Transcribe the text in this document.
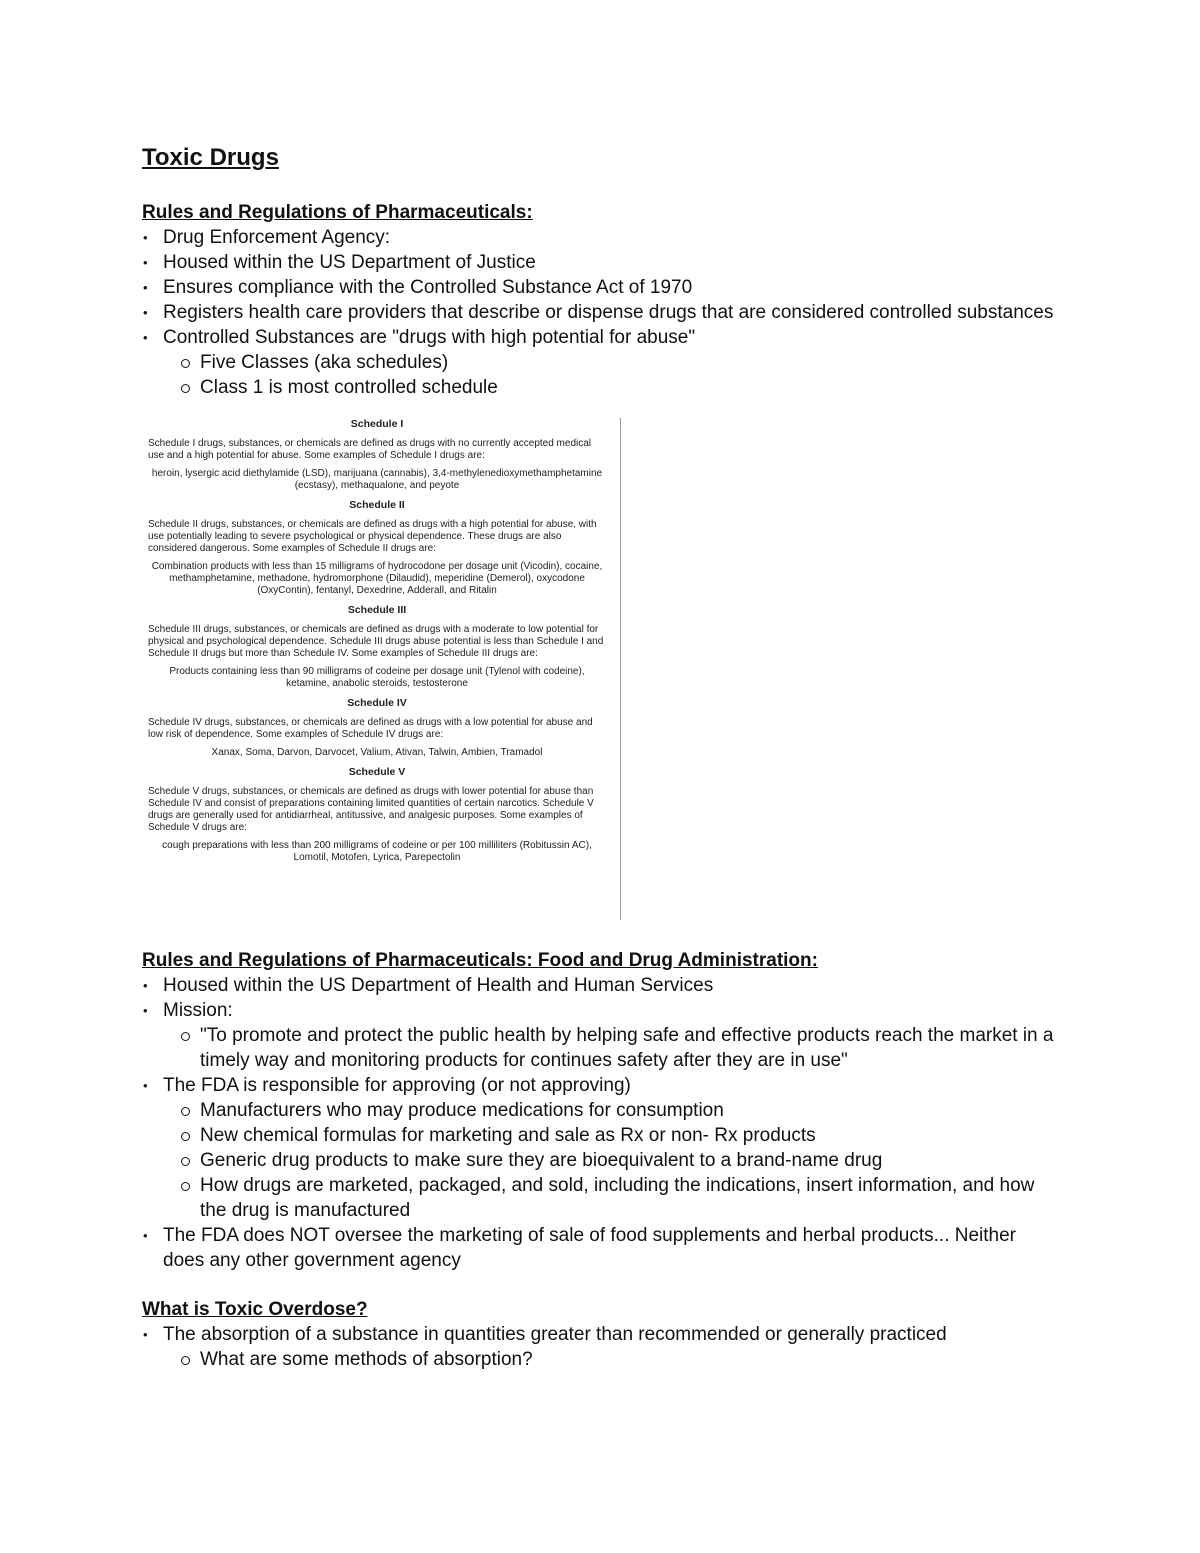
Toxic Drugs
Rules and Regulations of Pharmaceuticals:
• Drug Enforcement Agency:
• Housed within the US Department of Justice
• Ensures compliance with the Controlled Substance Act of 1970
• Registers health care providers that describe or dispense drugs that are considered controlled substances
• Controlled Substances are "drugs with high potential for abuse"
Five Classes (aka schedules)
Class 1 is most controlled schedule
Schedule I
Schedule I drugs, substances, or chemicals are defined as drugs with no currently accepted medical use and a high potential for abuse. Some examples of Schedule I drugs are:
heroin, lysergic acid diethylamide (LSD), marijuana (cannabis), 3,4-methylenedioxymethamphetamine (ecstasy), methaqualone, and peyote
Schedule II
Schedule II drugs, substances, or chemicals are defined as drugs with a high potential for abuse, with use potentially leading to severe psychological or physical dependence. These drugs are also considered dangerous. Some examples of Schedule II drugs are:
Combination products with less than 15 milligrams of hydrocodone per dosage unit (Vicodin), cocaine, methamphetamine, methadone, hydromorphone (Dilaudid), meperidine (Demerol), oxycodone (OxyContin), fentanyl, Dexedrine, Adderall, and Ritalin
Schedule III
Schedule III drugs, substances, or chemicals are defined as drugs with a moderate to low potential for physical and psychological dependence. Schedule III drugs abuse potential is less than Schedule I and Schedule II drugs but more than Schedule IV. Some examples of Schedule III drugs are:
Products containing less than 90 milligrams of codeine per dosage unit (Tylenol with codeine), ketamine, anabolic steroids, testosterone
Schedule IV
Schedule IV drugs, substances, or chemicals are defined as drugs with a low potential for abuse and low risk of dependence. Some examples of Schedule IV drugs are:
Xanax, Soma, Darvon, Darvocet, Valium, Ativan, Talwin, Ambien, Tramadol
Schedule V
Schedule V drugs, substances, or chemicals are defined as drugs with lower potential for abuse than Schedule IV and consist of preparations containing limited quantities of certain narcotics. Schedule V drugs are generally used for antidiarrheal, antitussive, and analgesic purposes. Some examples of Schedule V drugs are:
cough preparations with less than 200 milligrams of codeine or per 100 milliliters (Robitussin AC), Lomotil, Motofen, Lyrica, Parepectolin
Rules and Regulations of Pharmaceuticals: Food and Drug Administration:
• Housed within the US Department of Health and Human Services
• Mission:
"To promote and protect the public health by helping safe and effective products reach the market in a timely way and monitoring products for continues safety after they are in use"
• The FDA is responsible for approving (or not approving)
Manufacturers who may produce medications for consumption
New chemical formulas for marketing and sale as Rx or non- Rx products
Generic drug products to make sure they are bioequivalent to a brand-name drug
How drugs are marketed, packaged, and sold, including the indications, insert information, and how the drug is manufactured
• The FDA does NOT oversee the marketing of sale of food supplements and herbal products... Neither does any other government agency
What is Toxic Overdose?
• The absorption of a substance in quantities greater than recommended or generally practiced
What are some methods of absorption?
